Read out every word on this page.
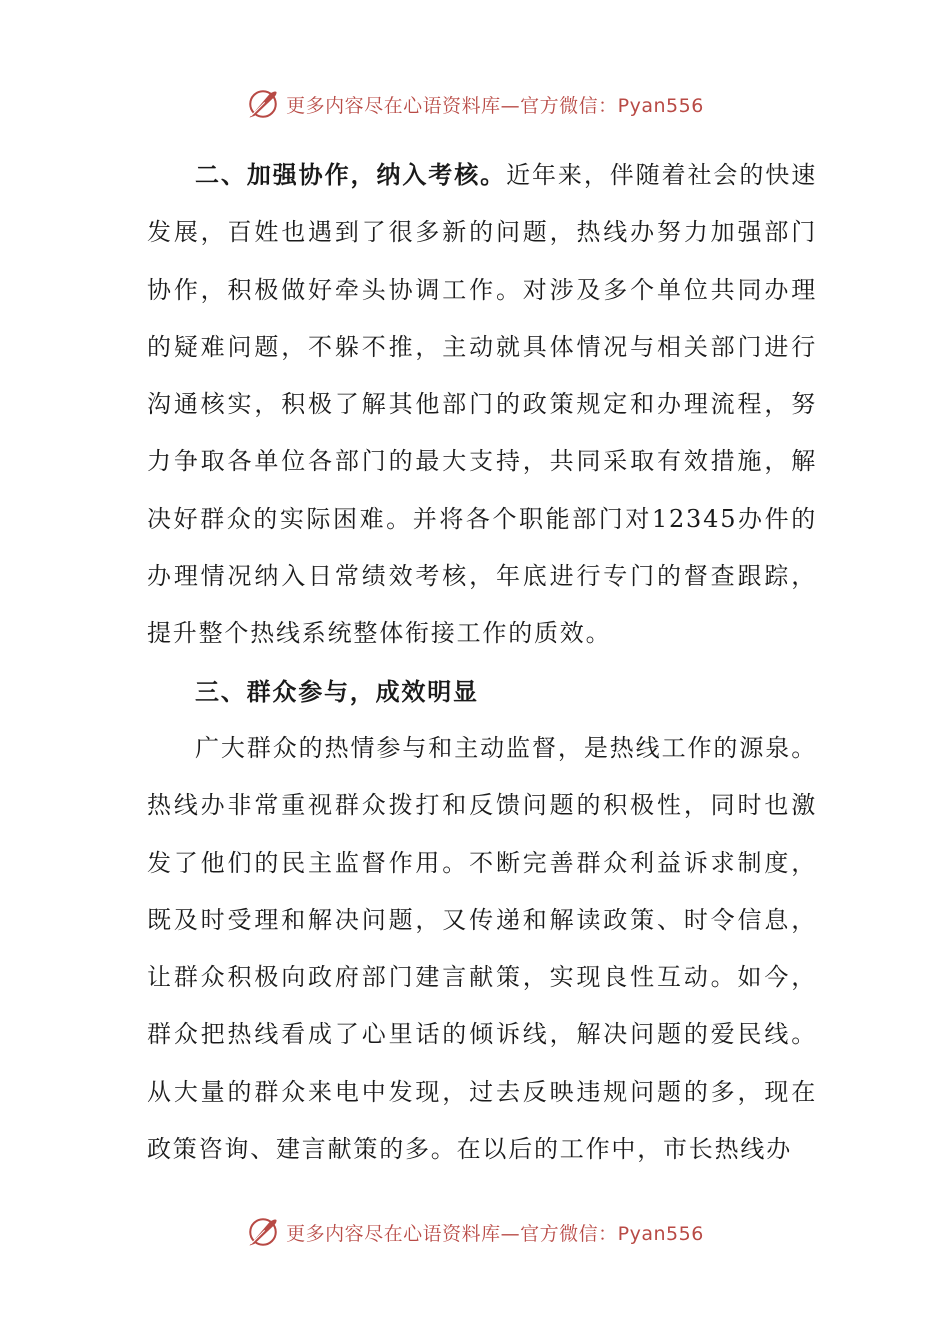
更多内容尽在心语资料库—官方微信：Pyan556

二、加强协作，纳入考核。近年来，伴随着社会的快速发展，百姓也遇到了很多新的问题，热线办努力加强部门协作，积极做好牵头协调工作。对涉及多个单位共同办理的疑难问题，不躲不推，主动就具体情况与相关部门进行沟通核实，积极了解其他部门的政策规定和办理流程，努力争取各单位各部门的最大支持，共同采取有效措施，解决好群众的实际困难。并将各个职能部门对12345办件的办理情况纳入日常绩效考核，年底进行专门的督查跟踪，提升整个热线系统整体衔接工作的质效。

三、群众参与，成效明显

广大群众的热情参与和主动监督，是热线工作的源泉。热线办非常重视群众拨打和反馈问题的积极性，同时也激发了他们的民主监督作用。不断完善群众利益诉求制度，既及时受理和解决问题，又传递和解读政策、时令信息，让群众积极向政府部门建言献策，实现良性互动。如今，群众把热线看成了心里话的倾诉线，解决问题的爱民线。从大量的群众来电中发现，过去反映违规问题的多，现在政策咨询、建言献策的多。在以后的工作中，市长热线办

更多内容尽在心语资料库—官方微信：Pyan556
